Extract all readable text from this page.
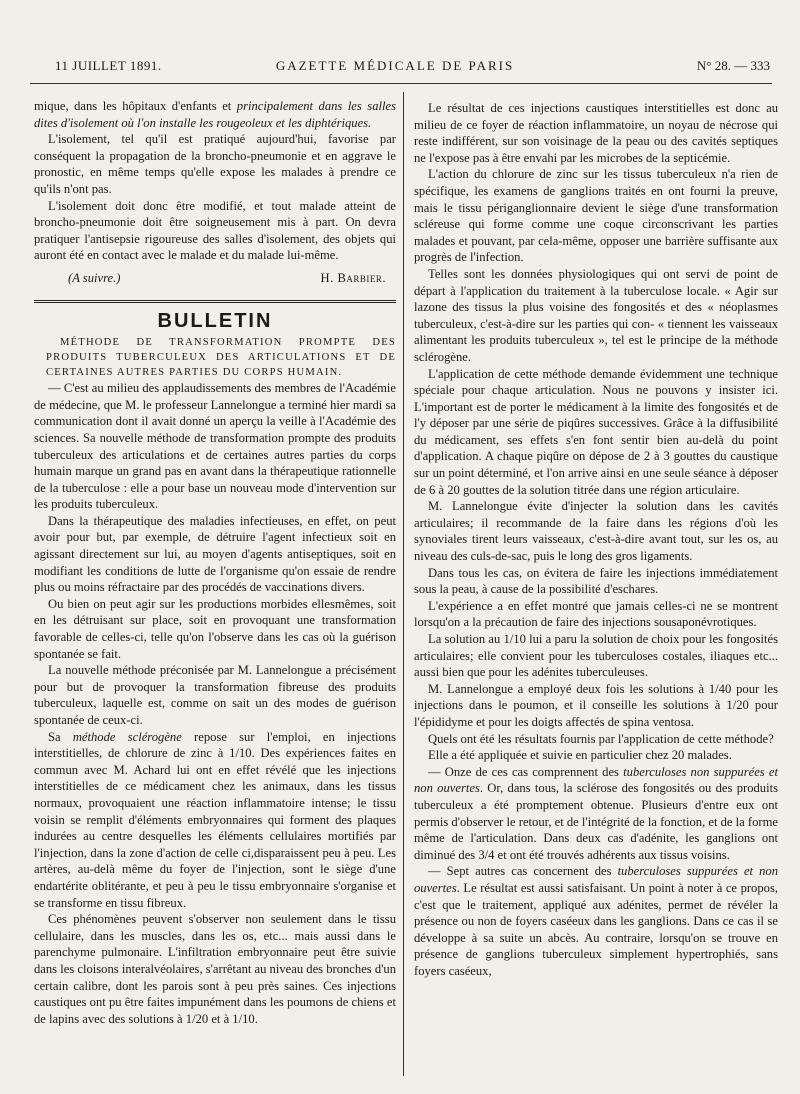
11 JUILLET 1891.	GAZETTE MÉDICALE DE PARIS	N° 28. — 333

mique, dans les hôpitaux d'enfants et principalement dans les salles dites d'isolement où l'on installe les rougeoleux et les diphtériques.

L'isolement, tel qu'il est pratiqué aujourd'hui, favorise par conséquent la propagation de la broncho-pneumonie et en aggrave le pronostic, en même temps qu'elle expose les malades à prendre ce qu'ils n'ont pas.

L'isolement doit donc être modifié, et tout malade atteint de broncho-pneumonie doit être soigneusement mis à part. On devra pratiquer l'antisepsie rigoureuse des salles d'isolement, des objets qui auront été en contact avec le malade et du malade lui-même.

(A suivre.)	H. Barbier.
BULLETIN

MÉTHODE DE TRANSFORMATION PROMPTE DES PRODUITS TUBERCULEUX DES ARTICULATIONS ET DE CERTAINES AUTRES PARTIES DU CORPS HUMAIN.

— C'est au milieu des applaudissements des membres de l'Académie de médecine, que M. le professeur Lannelongue a terminé hier mardi sa communication dont il avait donné un aperçu la veille à l'Académie des sciences. Sa nouvelle méthode de transformation prompte des produits tuberculeux des articulations et de certaines autres parties du corps humain marque un grand pas en avant dans la thérapeutique rationnelle de la tuberculose : elle a pour base un nouveau mode d'intervention sur les produits tuberculeux.

Dans la thérapeutique des maladies infectieuses, en effet, on peut avoir pour but, par exemple, de détruire l'agent infectieux soit en agissant directement sur lui, au moyen d'agents antiseptiques, soit en modifiant les conditions de lutte de l'organisme qu'on essaie de rendre plus ou moins réfractaire par des procédés de vaccinations divers.

Ou bien on peut agir sur les productions morbides ellesmêmes, soit en les détruisant sur place, soit en provoquant une transformation favorable de celles-ci, telle qu'on l'observe dans les cas où la guérison spontanée se fait.

La nouvelle méthode préconisée par M. Lannelongue a précisément pour but de provoquer la transformation fibreuse des produits tuberculeux, laquelle est, comme on sait un des modes de guérison spontanée de ceux-ci.

Sa méthode sclérogène repose sur l'emploi, en injections interstitielles, de chlorure de zinc à 1/10. Des expériences faites en commun avec M. Achard lui ont en effet révélé que les injections interstitielles de ce médicament chez les animaux, dans les tissus normaux, provoquaient une réaction inflammatoire intense; le tissu voisin se remplit d'éléments embryonnaires qui forment des plaques indurées au centre desquelles les éléments cellulaires mortifiés par l'injection, dans la zone d'action de celle ci,disparaissent peu à peu. Les artères, au-delà même du foyer de l'injection, sont le siège d'une endartérite oblitérante, et peu à peu le tissu embryonnaire s'organise et se transforme en tissu fibreux.

Ces phénomènes peuvent s'observer non seulement dans le tissu cellulaire, dans les muscles, dans les os, etc... mais aussi dans le parenchyme pulmonaire. L'infiltration embryonnaire peut être suivie dans les cloisons interalvéolaires, s'arrêtant au niveau des bronches d'un certain calibre, dont les parois sont à peu près saines. Ces injections caustiques ont pu être faites impunément dans les poumons de chiens et de lapins avec des solutions à 1/20 et à 1/10.

Le résultat de ces injections caustiques interstitielles est donc au milieu de ce foyer de réaction inflammatoire, un noyau de nécrose qui reste indifférent, sur son voisinage de la peau ou des cavités septiques ne l'expose pas à être envahi par les microbes de la septicémie.

L'action du chlorure de zinc sur les tissus tuberculeux n'a rien de spécifique, les examens de ganglions traités en ont fourni la preuve, mais le tissu périganglionnaire devient le siège d'une transformation scléreuse qui forme comme une coque circonscrivant les parties malades et pouvant, par cela-même, opposer une barrière suffisante aux progrès de l'infection.

Telles sont les données physiologiques qui ont servi de point de départ à l'application du traitement à la tuberculose locale. « Agir sur lazone des tissus la plus voisine des fongosités et des « néoplasmes tuberculeux, c'est-à-dire sur les parties qui con- « tiennent les vaisseaux alimentant les produits tuberculeux », tel est le principe de la méthode sclérogène.

L'application de cette méthode demande évidemment une technique spéciale pour chaque articulation. Nous ne pouvons y insister ici. L'important est de porter le médicament à la limite des fongosités et de l'y déposer par une série de piqûres successives. Grâce à la diffusibilité du médicament, ses effets s'en font sentir bien au-delà du point d'application. A chaque piqûre on dépose de 2 à 3 gouttes du caustique sur un point déterminé, et l'on arrive ainsi en une seule séance à déposer de 6 à 20 gouttes de la solution titrée dans une région articulaire.

M. Lannelongue évite d'injecter la solution dans les cavités articulaires; il recommande de la faire dans les régions d'où les synoviales tirent leurs vaisseaux, c'est-à-dire avant tout, sur les os, au niveau des culs-de-sac, puis le long des gros ligaments.

Dans tous les cas, on évitera de faire les injections immédiatement sous la peau, à cause de la possibilité d'eschares.

L'expérience a en effet montré que jamais celles-ci ne se montrent lorsqu'on a la précaution de faire des injections sousaponévrotiques.

La solution au 1/10 lui a paru la solution de choix pour les fongosités articulaires; elle convient pour les tuberculoses costales, iliaques etc... aussi bien que pour les adénites tuberculeuses.

M. Lannelongue a employé deux fois les solutions à 1/40 pour les injections dans le poumon, et il conseille les solutions à 1/20 pour l'épididyme et pour les doigts affectés de spina ventosa.

Quels ont été les résultats fournis par l'application de cette méthode?

Elle a été appliquée et suivie en particulier chez 20 malades.

— Onze de ces cas comprennent des tuberculoses non suppurées et non ouvertes. Or, dans tous, la sclérose des fongosités ou des produits tuberculeux a été promptement obtenue. Plusieurs d'entre eux ont permis d'observer le retour, et de l'intégrité de la fonction, et de la forme même de l'articulation. Dans deux cas d'adénite, les ganglions ont diminué des 3/4 et ont été trouvés adhérents aux tissus voisins.

— Sept autres cas concernent des tuberculoses suppurées et non ouvertes. Le résultat est aussi satisfaisant. Un point à noter à ce propos, c'est que le traitement, appliqué aux adénites, permet de révéler la présence ou non de foyers caséeux dans les ganglions. Dans ce cas il se développe à sa suite un abcès. Au contraire, lorsqu'on se trouve en présence de ganglions tuberculeux simplement hypertrophiés, sans foyers caséeux,
